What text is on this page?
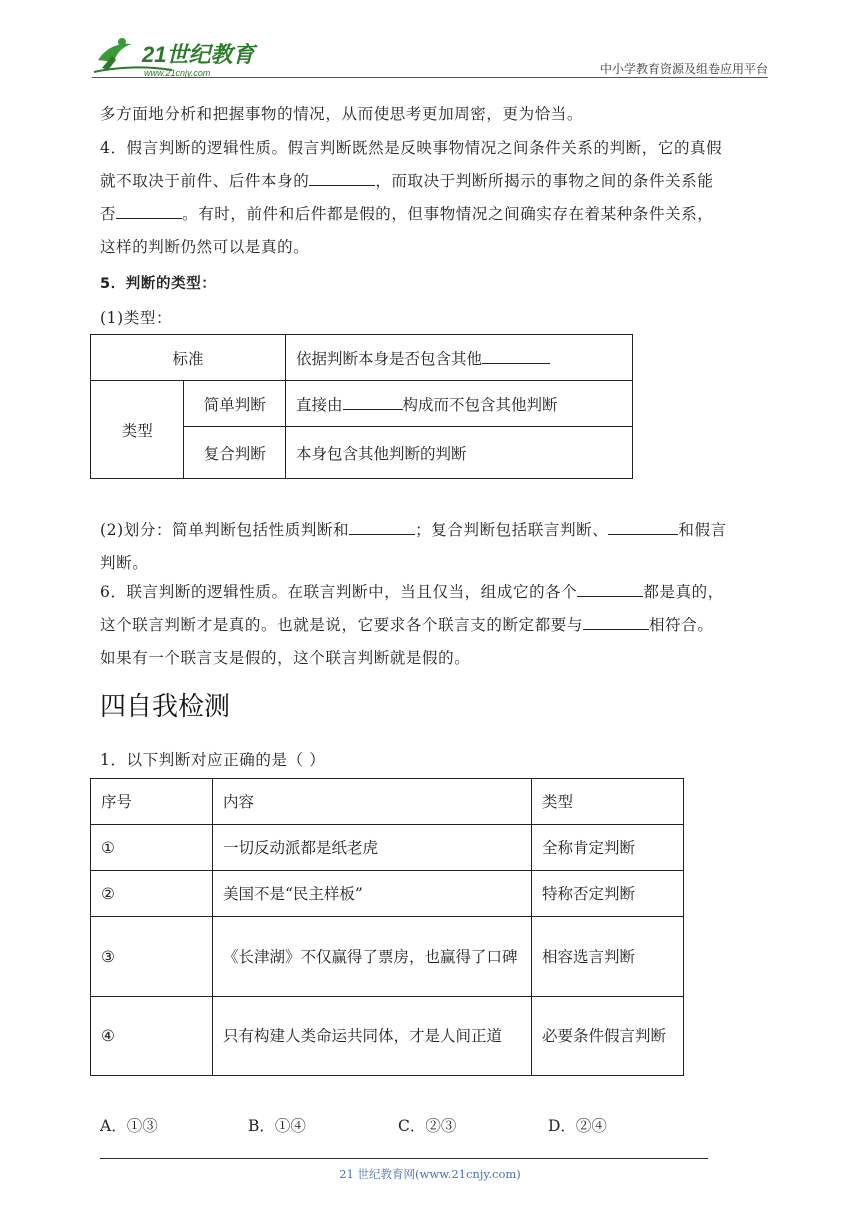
21世纪教育
www.21cnjy.com	中小学教育资源及组卷应用平台

多方面地分析和把握事物的情况，从而使思考更加周密，更为恰当。

4．假言判断的逻辑性质。假言判断既然是反映事物情况之间条件关系的判断，它的真假
就不取决于前件、后件本身的	，而取决于判断所揭示的事物之间的条件关系能
否	。有时，前件和后件都是假的，但事物情况之间确实存在着某种条件关系，
这样的判断仍然可以是真的。

5．判断的类型：

(1)类型：

标准		依据判断本身是否包含其他
类型	简单判断	直接由 构成而不包含其他判断
	复合判断	本身包含其他判断的判断

(2)划分：简单判断包括性质判断和	；复合判断包括联言判断、	和假言
判断。

6．联言判断的逻辑性质。在联言判断中，当且仅当，组成它的各个	都是真的，
这个联言判断才是真的。也就是说，它要求各个联言支的断定都要与	相符合。
如果有一个联言支是假的，这个联言判断就是假的。

四自我检测

1．以下判断对应正确的是（ ）

序号	内容	类型
①	一切反动派都是纸老虎	全称肯定判断
②	美国不是“民主样板”	特称否定判断
③	《长津湖》不仅赢得了票房，也赢得了口碑	相容选言判断
④	只有构建人类命运共同体，才是人间正道	必要条件假言判断
A．①③	B．①④	C．②③	D．②④
21 世纪教育网(www.21cnjy.com)
